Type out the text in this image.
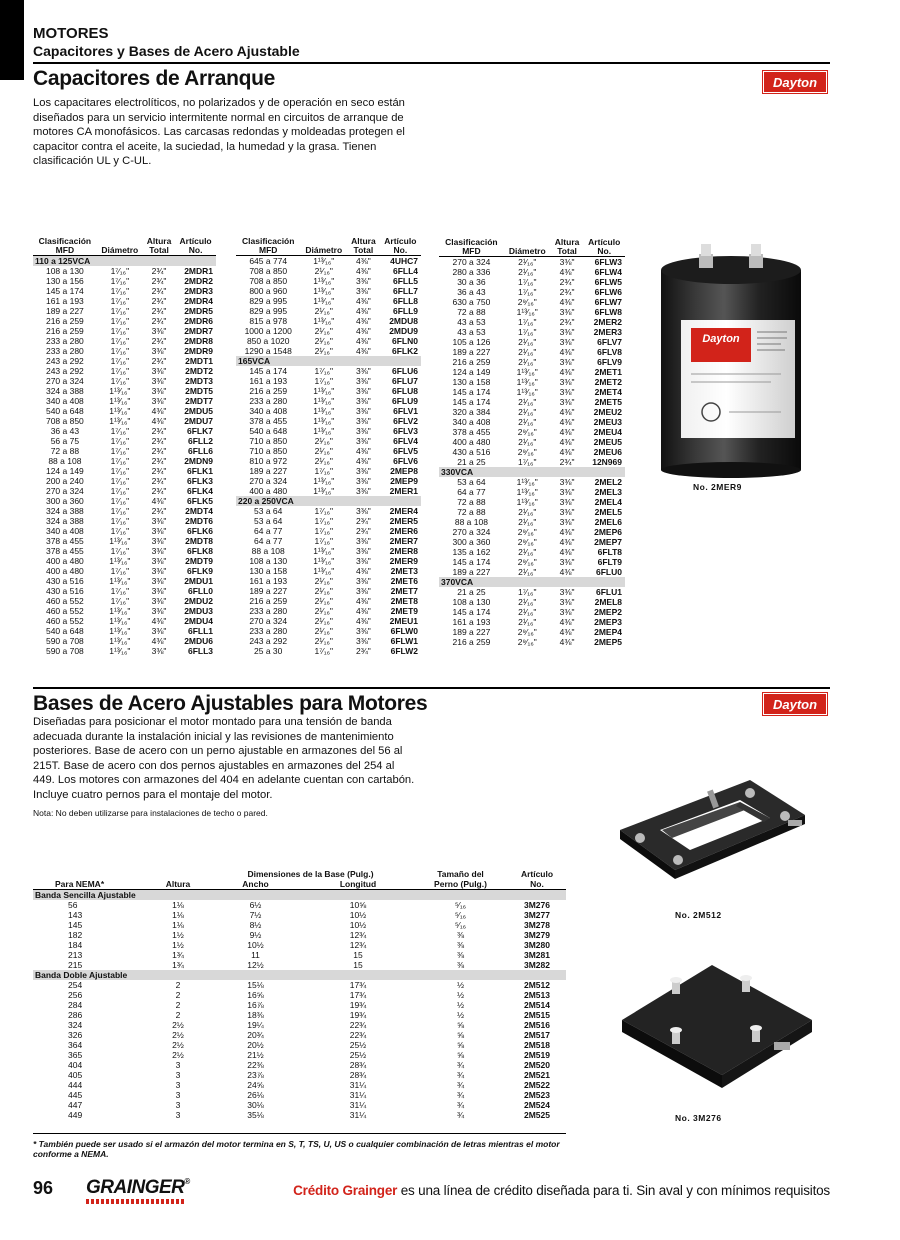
MOTORES
Capacitores y Bases de Acero Ajustable
Capacitores de Arranque	Dayton
Los capacitares electrolíticos, no polarizados y de operación en seco están diseñados para un servicio intermitente normal en circuitos de arranque de motores CA monofásicos. Las carcasas redondas y moldeadas protegen el capacitor contra el aceite, la suciedad, la humedad y la grasa. Tienen clasificación UL y C-UL.
Clasificación		Altura	Artículo
MFD	Diámetro	Total	No.
110 a 125VCA			
108 a 130	1⁷⁄₁₆"	2¾"	2MDR1
130 a 156	1⁷⁄₁₆"	2¾"	2MDR2
145 a 174	1⁷⁄₁₆"	2¾"	2MDR3
161 a 193	1⁷⁄₁₆"	2¾"	2MDR4
189 a 227	1⁷⁄₁₆"	2¾"	2MDR5
216 a 259	1⁷⁄₁₆"	2¾"	2MDR6
216 a 259	1⁷⁄₁₆"	3⅜"	2MDR7
233 a 280	1⁷⁄₁₆"	2¾"	2MDR8
233 a 280	1⁷⁄₁₆"	3⅜"	2MDR9
243 a 292	1⁷⁄₁₆"	2¾"	2MDT1
243 a 292	1⁷⁄₁₆"	3⅜"	2MDT2
270 a 324	1⁷⁄₁₆"	3⅜"	2MDT3
324 a 388	1¹³⁄₁₆"	3⅜"	2MDT5
340 a 408	1¹³⁄₁₆"	3⅜"	2MDT7
540 a 648	1¹³⁄₁₆"	4⅜"	2MDU5
708 a 850	1¹³⁄₁₆"	4⅜"	2MDU7
36 a 43	1⁷⁄₁₆"	2¾"	6FLK7
56 a 75	1⁷⁄₁₆"	2¾"	6FLL2
72 a 88	1⁷⁄₁₆"	2¾"	6FLL6
88 a 108	1⁷⁄₁₆"	2¾"	2MDN9
124 a 149	1⁷⁄₁₆"	2¾"	6FLK1
200 a 240	1⁷⁄₁₆"	2¾"	6FLK3
270 a 324	1⁷⁄₁₆"	2¾"	6FLK4
300 a 360	1⁷⁄₁₆"	4⅜"	6FLK5
324 a 388	1⁷⁄₁₆"	2¾"	2MDT4
324 a 388	1⁷⁄₁₆"	3⅜"	2MDT6
340 a 408	1⁷⁄₁₆"	3⅜"	6FLK6
378 a 455	1¹³⁄₁₆"	3⅜"	2MDT8
378 a 455	1⁷⁄₁₆"	3⅜"	6FLK8
400 a 480	1¹³⁄₁₆"	3⅜"	2MDT9
400 a 480	1⁷⁄₁₆"	3⅜"	6FLK9
430 a 516	1¹³⁄₁₆"	3⅜"	2MDU1
430 a 516	1⁷⁄₁₆"	3⅜"	6FLL0
460 a 552	1⁷⁄₁₆"	3⅜"	2MDU2
460 a 552	1¹³⁄₁₆"	3⅜"	2MDU3
460 a 552	1¹³⁄₁₆"	4⅜"	2MDU4
540 a 648	1¹³⁄₁₆"	3⅜"	6FLL1
590 a 708	1¹³⁄₁₆"	4⅜"	2MDU6
590 a 708	1¹³⁄₁₆"	3⅜"	6FLL3
Clasificación		Altura	Artículo
MFD	Diámetro	Total	No.
645 a 774	1¹³⁄₁₆"	4⅜"	4UHC7
708 a 850	2¹⁄₁₆"	4⅜"	6FLL4
708 a 850	1¹³⁄₁₆"	3⅜"	6FLL5
800 a 960	1¹³⁄₁₆"	3⅜"	6FLL7
829 a 995	1¹³⁄₁₆"	4⅜"	6FLL8
829 a 995	2¹⁄₁₆"	4⅜"	6FLL9
815 a 978	1¹³⁄₁₆"	4⅜"	2MDU8
1000 a 1200	2¹⁄₁₆"	4⅜"	2MDU9
850 a 1020	2¹⁄₁₆"	4⅜"	6FLN0
1290 a 1548	2¹⁄₁₆"	4⅜"	6FLK2
165VCA			
145 a 174	1⁷⁄₁₆"	3⅜"	6FLU6
161 a 193	1⁷⁄₁₆"	3⅜"	6FLU7
216 a 259	1¹³⁄₁₆"	3⅜"	6FLU8
233 a 280	1¹³⁄₁₆"	3⅜"	6FLU9
340 a 408	1¹³⁄₁₆"	3⅜"	6FLV1
378 a 455	1¹³⁄₁₆"	3⅜"	6FLV2
540 a 648	1¹³⁄₁₆"	3⅜"	6FLV3
710 a 850	2¹⁄₁₆"	3⅜"	6FLV4
710 a 850	2¹⁄₁₆"	4⅜"	6FLV5
810 a 972	2¹⁄₁₆"	4⅜"	6FLV6
189 a 227	1⁷⁄₁₆"	3⅜"	2MEP8
270 a 324	1¹³⁄₁₆"	3⅜"	2MEP9
400 a 480	1¹³⁄₁₆"	3⅜"	2MER1
220 a 250VCA			
53 a 64	1⁷⁄₁₆"	3⅜"	2MER4
53 a 64	1⁷⁄₁₆"	2¾"	2MER5
64 a 77	1⁷⁄₁₆"	2¾"	2MER6
64 a 77	1⁷⁄₁₆"	3⅜"	2MER7
88 a 108	1¹³⁄₁₆"	3⅜"	2MER8
108 a 130	1¹³⁄₁₆"	3⅜"	2MER9
130 a 158	1¹³⁄₁₆"	4⅜"	2MET3
161 a 193	2¹⁄₁₆"	3⅜"	2MET6
189 a 227	2¹⁄₁₆"	3⅜"	2MET7
216 a 259	2¹⁄₁₆"	4⅜"	2MET8
233 a 280	2¹⁄₁₆"	4⅜"	2MET9
270 a 324	2¹⁄₁₆"	4⅜"	2MEU1
233 a 280	2¹⁄₁₆"	3⅜"	6FLW0
243 a 292	2¹⁄₁₆"	3⅜"	6FLW1
25 a 30	1⁷⁄₁₆"	2¾"	6FLW2
Clasificación		Altura	Artículo
MFD	Diámetro	Total	No.
270 a 324	2¹⁄₁₆"	3⅜"	6FLW3
280 a 336	2¹⁄₁₆"	4⅜"	6FLW4
30 a 36	1⁷⁄₁₆"	2¾"	6FLW5
36 a 43	1⁷⁄₁₆"	2¾"	6FLW6
630 a 750	2⁹⁄₁₆"	4⅜"	6FLW7
72 a 88	1¹³⁄₁₆"	3⅜"	6FLW8
43 a 53	1⁷⁄₁₆"	2¾"	2MER2
43 a 53	1⁷⁄₁₆"	3⅜"	2MER3
105 a 126	2¹⁄₁₆"	3⅜"	6FLV7
189 a 227	2¹⁄₁₆"	4⅜"	6FLV8
216 a 259	2¹⁄₁₆"	3⅜"	6FLV9
124 a 149	1¹³⁄₁₆"	4⅜"	2MET1
130 a 158	1¹³⁄₁₆"	3⅜"	2MET2
145 a 174	1¹³⁄₁₆"	3⅜"	2MET4
145 a 174	2¹⁄₁₆"	3⅜"	2MET5
320 a 384	2¹⁄₁₆"	4⅜"	2MEU2
340 a 408	2¹⁄₁₆"	4⅜"	2MEU3
378 a 455	2⁹⁄₁₆"	4⅜"	2MEU4
400 a 480	2¹⁄₁₆"	4⅜"	2MEU5
430 a 516	2⁹⁄₁₆"	4⅜"	2MEU6
21 a 25	1⁷⁄₁₆"	2¾"	12N969
330VCA			
53 a 64	1¹³⁄₁₆"	3⅜"	2MEL2
64 a 77	1¹³⁄₁₆"	3⅜"	2MEL3
72 a 88	1¹³⁄₁₆"	3⅜"	2MEL4
72 a 88	2¹⁄₁₆"	3⅜"	2MEL5
88 a 108	2¹⁄₁₆"	3⅜"	2MEL6
270 a 324	2⁹⁄₁₆"	4⅜"	2MEP6
300 a 360	2⁹⁄₁₆"	4⅜"	2MEP7
135 a 162	2¹⁄₁₆"	4⅜"	6FLT8
145 a 174	2⁹⁄₁₆"	3⅜"	6FLT9
189 a 227	2¹⁄₁₆"	4⅜"	6FLU0
370VCA			
21 a 25	1⁷⁄₁₆"	3⅜"	6FLU1
108 a 130	2¹⁄₁₆"	3⅜"	2MEL8
145 a 174	2¹⁄₁₆"	3⅜"	2MEP2
161 a 193	2¹⁄₁₆"	4⅜"	2MEP3
189 a 227	2⁹⁄₁₆"	4⅜"	2MEP4
216 a 259	2⁹⁄₁₆"	4⅜"	2MEP5
Dayton
No. 2MER9
Bases de Acero Ajustables para Motores	Dayton
Diseñadas para posicionar el motor montado para una tensión de banda adecuada durante la instalación inicial y las revisiones de mantenimiento posteriores. Base de acero con un perno ajustable en armazones del 56 al 215T. Base de acero con dos pernos ajustables en armazones del 254 al 449. Los motores con armazones del 404 en adelante cuentan con cartabón. Incluye cuatro pernos para el montaje del motor.
Nota: No deben utilizarse para instalaciones de techo o pared.
		Dimensiones de la Base (Pulg.)		Tamaño del	Artículo
Para NEMA*	Altura	Ancho	Longitud	Perno (Pulg.)	No.
Banda Sencilla Ajustable					
56	1⅛	6½	10⅝	⁵⁄₁₆	3M276
143	1⅛	7½	10½	⁵⁄₁₆	3M277
145	1⅛	8½	10½	⁵⁄₁₆	3M278
182	1½	9½	12¾	⅜	3M279
184	1½	10½	12¾	⅜	3M280
213	1¾	11	15	⅜	3M281
215	1¾	12½	15	⅜	3M282
Banda Doble Ajustable					
254	2	15⅛	17¾	½	2M512
256	2	16⅝	17¾	½	2M513
284	2	16⅞	19¾	½	2M514
286	2	18⅜	19¾	½	2M515
324	2½	19¼	22¾	⅝	2M516
326	2½	20¾	22¾	⅝	2M517
364	2½	20½	25½	⅝	2M518
365	2½	21½	25½	⅝	2M519
404	3	22⅜	28¾	¾	2M520
405	3	23⅞	28¾	¾	2M521
444	3	24⅝	31¼	¾	2M522
445	3	26⅛	31¼	¾	2M523
447	3	30⅛	31¼	¾	2M524
449	3	35⅛	31¼	¾	2M525
* También puede ser usado si el armazón del motor termina en S, T, TS, U, US o cualquier combinación de letras mientras el motor conforme a NEMA.
No. 2M512
No. 3M276
96 GRAINGER®
Crédito Grainger es una línea de crédito diseñada para ti. Sin aval y con mínimos requisitos
